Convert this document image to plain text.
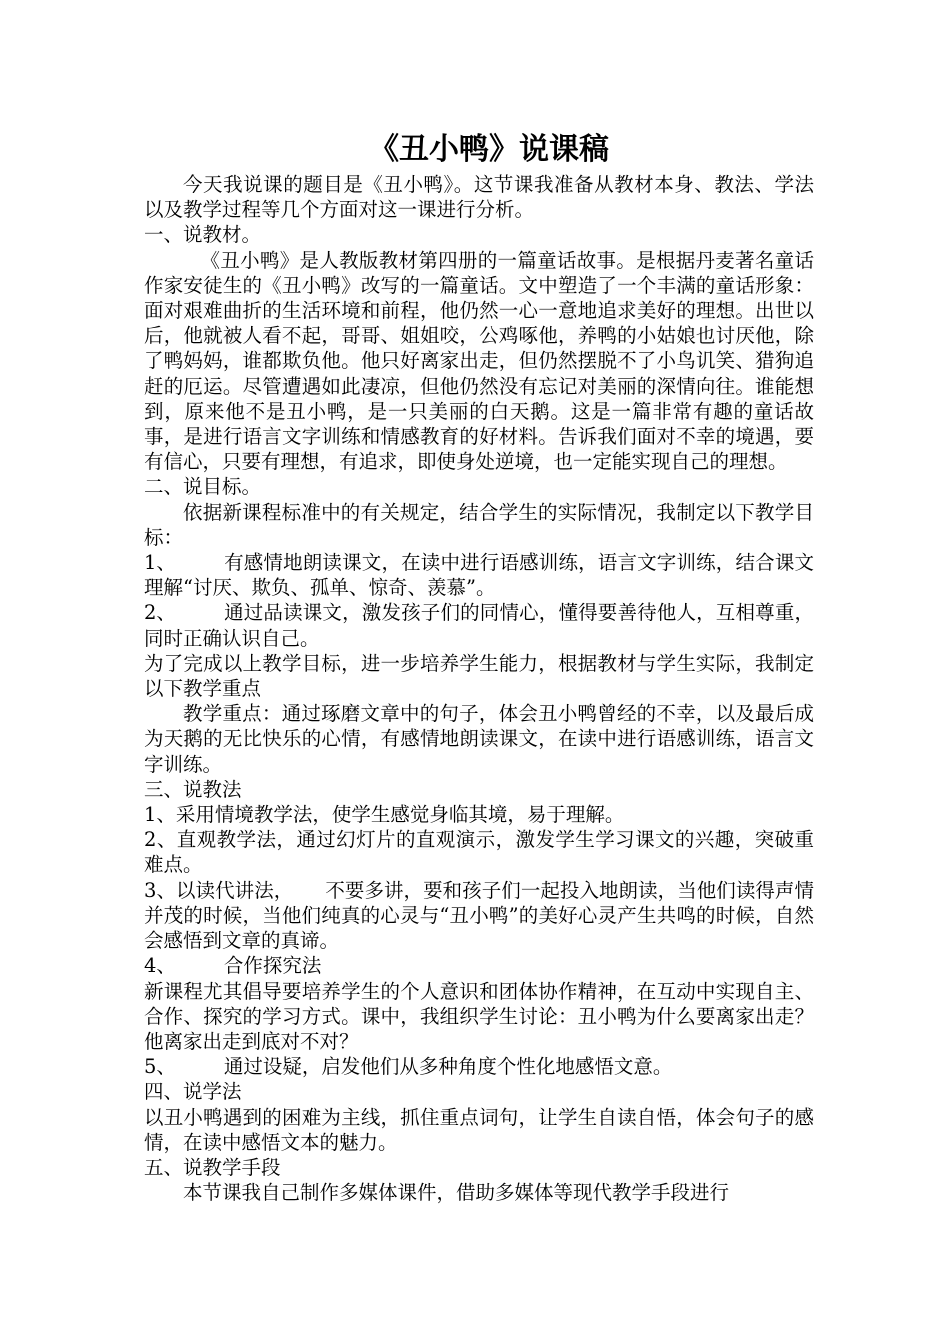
《丑小鸭》说课稿

今天我说课的题目是《丑小鸭》。这节课我准备从教材本身、教法、学法以及教学过程等几个方面对这一课进行分析。

一、说教材。

《丑小鸭》是人教版教材第四册的一篇童话故事。是根据丹麦著名童话作家安徒生的《丑小鸭》改写的一篇童话。文中塑造了一个丰满的童话形象：面对艰难曲折的生活环境和前程，他仍然一心一意地追求美好的理想。出世以后，他就被人看不起，哥哥、姐姐咬，公鸡啄他，养鸭的小姑娘也讨厌他，除了鸭妈妈，谁都欺负他。他只好离家出走，但仍然摆脱不了小鸟讥笑、猎狗追赶的厄运。尽管遭遇如此凄凉，但他仍然没有忘记对美丽的深情向往。谁能想到，原来他不是丑小鸭，是一只美丽的白天鹅。这是一篇非常有趣的童话故事，是进行语言文字训练和情感教育的好材料。告诉我们面对不幸的境遇，要有信心，只要有理想，有追求，即使身处逆境，也一定能实现自己的理想。

二、说目标。

依据新课程标准中的有关规定，结合学生的实际情况，我制定以下教学目标：

1、 有感情地朗读课文，在读中进行语感训练，语言文字训练，结合课文理解“讨厌、欺负、孤单、惊奇、羡慕”。

2、 通过品读课文，激发孩子们的同情心，懂得要善待他人，互相尊重，同时正确认识自己。

为了完成以上教学目标，进一步培养学生能力，根据教材与学生实际，我制定以下教学重点

教学重点：通过琢磨文章中的句子，体会丑小鸭曾经的不幸，以及最后成为天鹅的无比快乐的心情，有感情地朗读课文，在读中进行语感训练，语言文字训练。

三、说教法

1、采用情境教学法，使学生感觉身临其境，易于理解。

2、直观教学法，通过幻灯片的直观演示，激发学生学习课文的兴趣，突破重难点。

3、以读代讲法， 不要多讲，要和孩子们一起投入地朗读，当他们读得声情并茂的时候，当他们纯真的心灵与“丑小鸭”的美好心灵产生共鸣的时候，自然会感悟到文章的真谛。

4、 合作探究法

新课程尤其倡导要培养学生的个人意识和团体协作精神，在互动中实现自主、合作、探究的学习方式。课中，我组织学生讨论：丑小鸭为什么要离家出走？他离家出走到底对不对？

5、 通过设疑，启发他们从多种角度个性化地感悟文意。

四、说学法

以丑小鸭遇到的困难为主线，抓住重点词句，让学生自读自悟，体会句子的感情，在读中感悟文本的魅力。

五、说教学手段

本节课我自己制作多媒体课件，借助多媒体等现代教学手段进行
